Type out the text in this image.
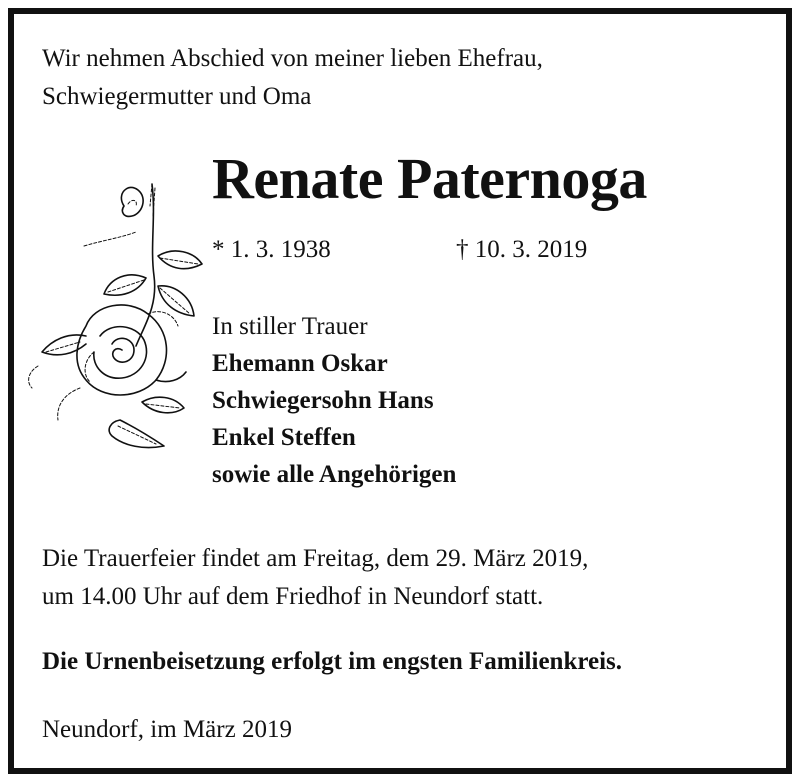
Wir nehmen Abschied von meiner lieben Ehefrau,
Schwiegermutter und Oma

Renate Paternoga

* 1. 3. 1938	† 10. 3. 2019

In stiller Trauer
Ehemann Oskar
Schwiegersohn Hans
Enkel Steffen
sowie alle Angehörigen

Die Trauerfeier findet am Freitag, dem 29. März 2019,
um 14.00 Uhr auf dem Friedhof in Neundorf statt.

Die Urnenbeisetzung erfolgt im engsten Familienkreis.

Neundorf, im März 2019
